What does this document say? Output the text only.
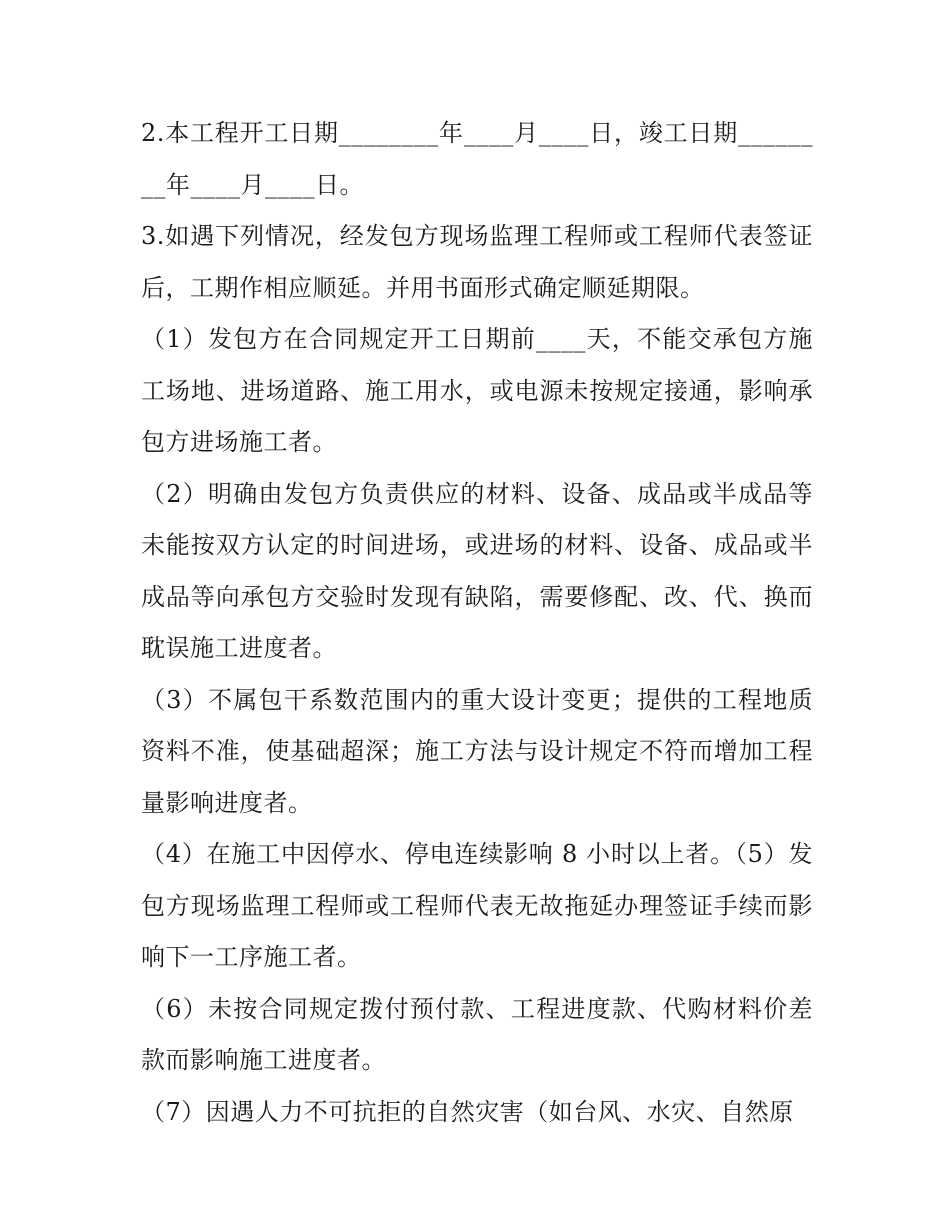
2.本工程开工日期________年____月____日，竣工日期________年____月____日。

3.如遇下列情况，经发包方现场监理工程师或工程师代表签证后，工期作相应顺延。并用书面形式确定顺延期限。

（1）发包方在合同规定开工日期前____天，不能交承包方施工场地、进场道路、施工用水，或电源未按规定接通，影响承包方进场施工者。

（2）明确由发包方负责供应的材料、设备、成品或半成品等未能按双方认定的时间进场，或进场的材料、设备、成品或半成品等向承包方交验时发现有缺陷，需要修配、改、代、换而耽误施工进度者。

（3）不属包干系数范围内的重大设计变更；提供的工程地质资料不准，使基础超深；施工方法与设计规定不符而增加工程量影响进度者。

（4）在施工中因停水、停电连续影响 8 小时以上者。（5）发包方现场监理工程师或工程师代表无故拖延办理签证手续而影响下一工序施工者。

（6）未按合同规定拨付预付款、工程进度款、代购材料价差款而影响施工进度者。

（7）因遇人力不可抗拒的自然灾害（如台风、水灾、自然原
